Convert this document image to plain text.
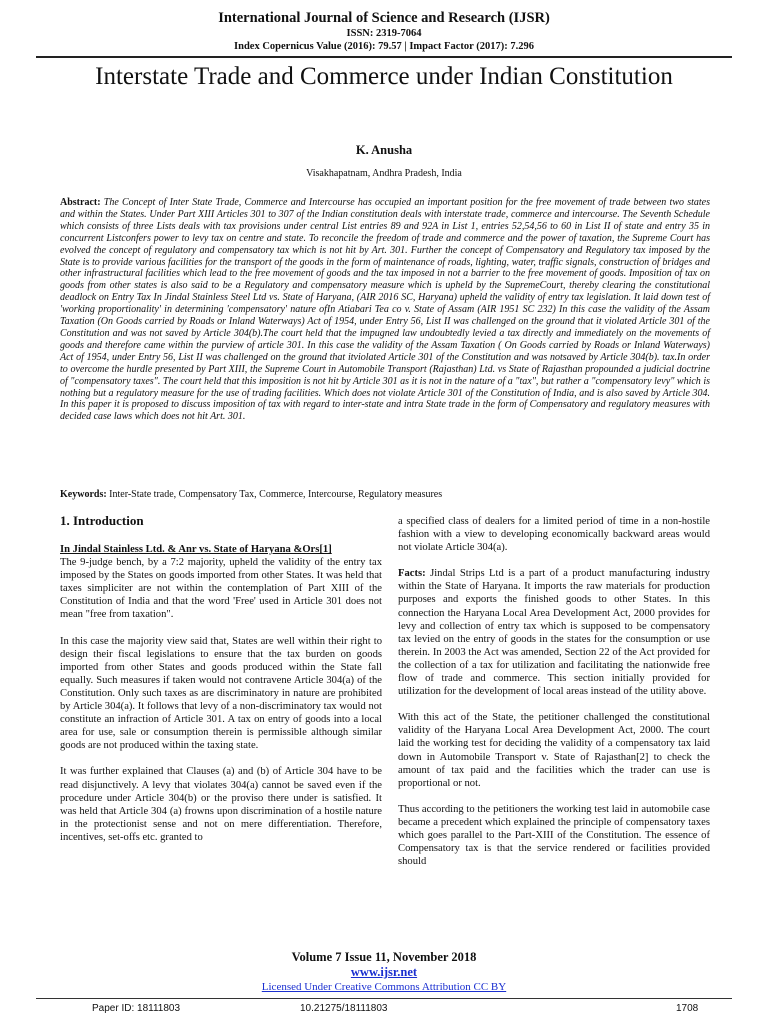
International Journal of Science and Research (IJSR)
ISSN: 2319-7064
Index Copernicus Value (2016): 79.57 | Impact Factor (2017): 7.296
Interstate Trade and Commerce under Indian Constitution
K. Anusha
Visakhapatnam, Andhra Pradesh, India
Abstract: The Concept of Inter State Trade, Commerce and Intercourse has occupied an important position for the free movement of trade between two states and within the States. Under Part XIII Articles 301 to 307 of the Indian constitution deals with interstate trade, commerce and intercourse. The Seventh Schedule which consists of three Lists deals with tax provisions under central List entries 89 and 92A in List 1, entries 52,54,56 to 60 in List II of state and entry 35 in concurrent Listconfers power to levy tax on centre and state. To reconcile the freedom of trade and commerce and the power of taxation, the Supreme Court has evolved the concept of regulatory and compensatory tax which is not hit by Art. 301. Further the concept of Compensatory and Regulatory tax imposed by the State is to provide various facilities for the transport of the goods in the form of maintenance of roads, lighting, water, traffic signals, construction of bridges and other infrastructural facilities which lead to the free movement of goods and the tax imposed in not a barrier to the free movement of goods. Imposition of tax on goods from other states is also said to be a Regulatory and compensatory measure which is upheld by the SupremeCourt, thereby clearing the constitutional deadlock on Entry Tax In Jindal Stainless Steel Ltd vs. State of Haryana, (AIR 2016 SC, Haryana) upheld the validity of entry tax legislation. It laid down test of 'working proportionality' in determining 'compensatory' nature ofIn Atiabari Tea co v. State of Assam (AIR 1951 SC 232) In this case the validity of the Assam Taxation (On Goods carried by Roads or Inland Waterways) Act of 1954, under Entry 56, List II was challenged on the ground that it violated Article 301 of the Constitution and was not saved by Article 304(b).The court held that the impugned law undoubtedly levied a tax directly and immediately on the movements of goods and therefore came within the purview of article 301. In this case the validity of the Assam Taxation ( On Goods carried by Roads or Inland Waterways) Act of 1954, under Entry 56, List II was challenged on the ground that itviolated Article 301 of the Constitution and was notsaved by Article 304(b). tax.In order to overcome the hurdle presented by Part XIII, the Supreme Court in Automobile Transport (Rajasthan) Ltd. vs State of Rajasthan propounded a judicial doctrine of "compensatory taxes". The court held that this imposition is not hit by Article 301 as it is not in the nature of a "tax", but rather a "compensatory levy" which is nothing but a regulatory measure for the use of trading facilities. Which does not violate Article 301 of the Constitution of India, and is also saved by Article 304. In this paper it is proposed to discuss imposition of tax with regard to inter-state and intra State trade in the form of Compensatory and regulatory measures with decided case laws which does not hit Art. 301.
Keywords: Inter-State trade, Compensatory Tax, Commerce, Intercourse, Regulatory measures
1. Introduction

In Jindal Stainless Ltd. & Anr vs. State of Haryana &Ors[1]

The 9-judge bench, by a 7:2 majority, upheld the validity of the entry tax imposed by the States on goods imported from other States. It was held that taxes simpliciter are not within the contemplation of Part XIII of the Constitution of India and that the word 'Free' used in Article 301 does not mean "free from taxation".

In this case the majority view said that, States are well within their right to design their fiscal legislations to ensure that the tax burden on goods imported from other States and goods produced within the State fall equally. Such measures if taken would not contravene Article 304(a) of the Constitution. Only such taxes as are discriminatory in nature are prohibited by Article 304(a). It follows that levy of a non-discriminatory tax would not constitute an infraction of Article 301. A tax on entry of goods into a local area for use, sale or consumption therein is permissible although similar goods are not produced within the taxing state.

It was further explained that Clauses (a) and (b) of Article 304 have to be read disjunctively. A levy that violates 304(a) cannot be saved even if the procedure under Article 304(b) or the proviso there under is satisfied. It was held that Article 304 (a) frowns upon discrimination of a hostile nature in the protectionist sense and not on mere differentiation. Therefore, incentives, set-offs etc. granted to

a specified class of dealers for a limited period of time in a non-hostile fashion with a view to developing economically backward areas would not violate Article 304(a).

Facts: Jindal Strips Ltd is a part of a product manufacturing industry within the State of Haryana. It imports the raw materials for production purposes and exports the finished goods to other States. In this connection the Haryana Local Area Development Act, 2000 provides for levy and collection of entry tax which is supposed to be compensatory tax levied on the entry of goods in the states for the consumption or use therein. In 2003 the Act was amended, Section 22 of the Act provided for the collection of a tax for utilization and facilitating the nationwide free flow of trade and commerce. This section initially provided for utilization for the development of local areas instead of the utility above.

With this act of the State, the petitioner challenged the constitutional validity of the Haryana Local Area Development Act, 2000. The court laid the working test for deciding the validity of a compensatory tax laid down in Automobile Transport v. State of Rajasthan[2] to check the amount of tax paid and the facilities which the trader can use is proportional or not.

Thus according to the petitioners the working test laid in automobile case became a precedent which explained the principle of compensatory taxes which goes parallel to the Part-XIII of the Constitution. The essence of Compensatory tax is that the service rendered or facilities provided should

Volume 7 Issue 11, November 2018
www.ijsr.net
Licensed Under Creative Commons Attribution CC BY
Paper ID: 18111803	10.21275/18111803	1708
